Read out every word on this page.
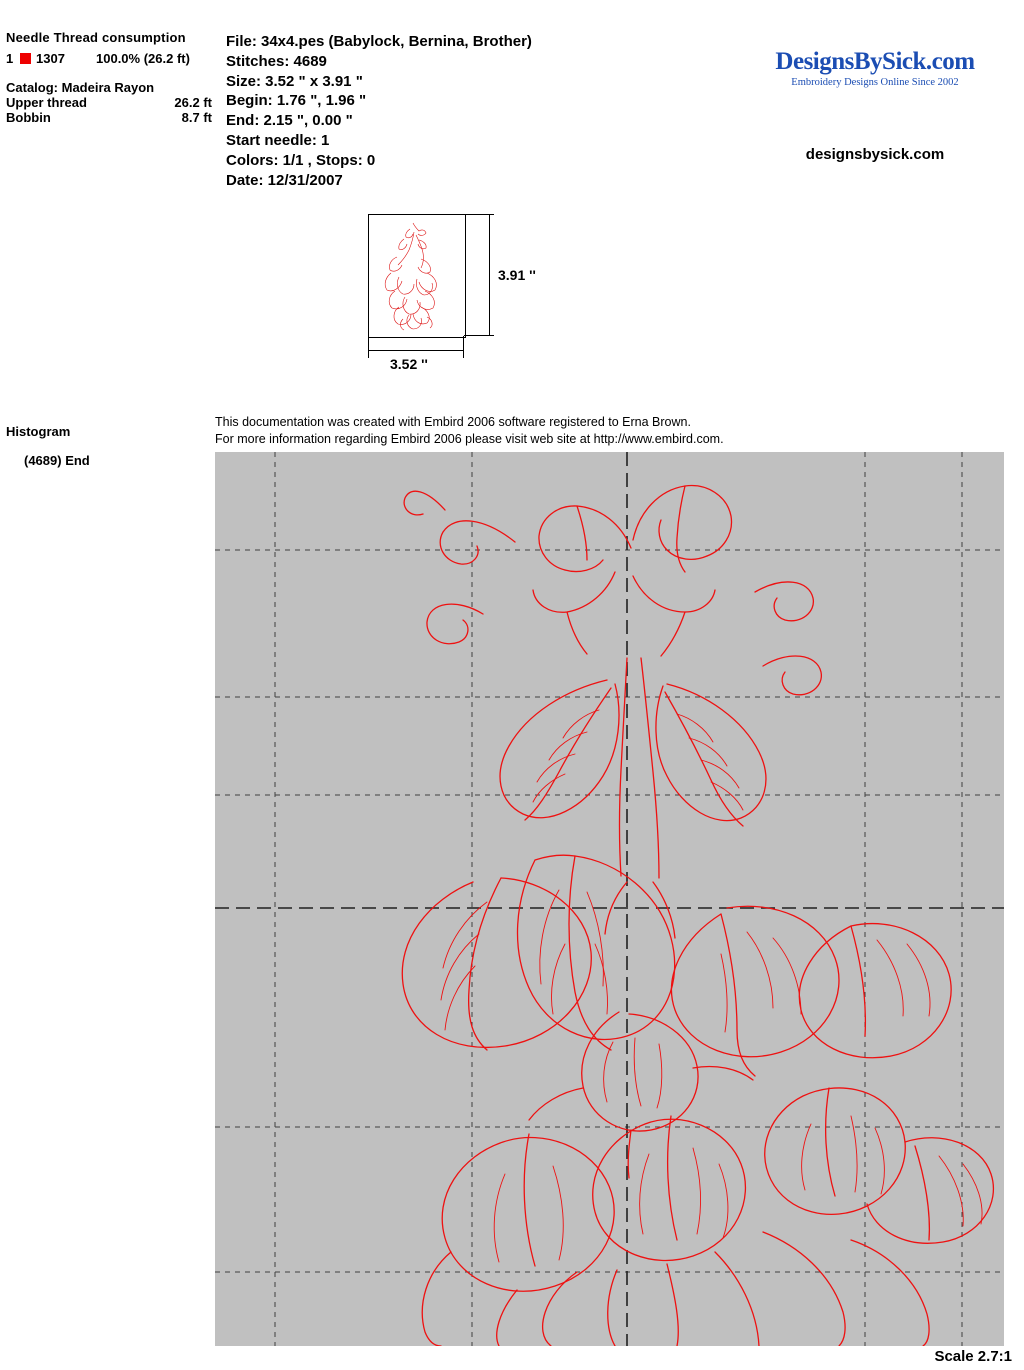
Needle Thread consumption
1	1307	100.0% (26.2 ft)
Catalog: Madeira Rayon
Upper thread	26.2 ft
Bobbin	8.7 ft
File: 34x4.pes (Babylock, Bernina, Brother)
Stitches: 4689
Size: 3.52 " x 3.91 "
Begin: 1.76 ", 1.96 "
End: 2.15 ", 0.00 "
Start needle: 1
Colors: 1/1 , Stops: 0
Date: 12/31/2007
DesignsBySick.com
Embroidery Designs Online Since 2002
designsbysick.com
3.91 ''
3.52 ''
Histogram
(4689) End
This documentation was created with Embird 2006 software registered to Erna Brown.
For more information regarding Embird 2006 please visit web site at http://www.embird.com.
Scale 2.7:1
